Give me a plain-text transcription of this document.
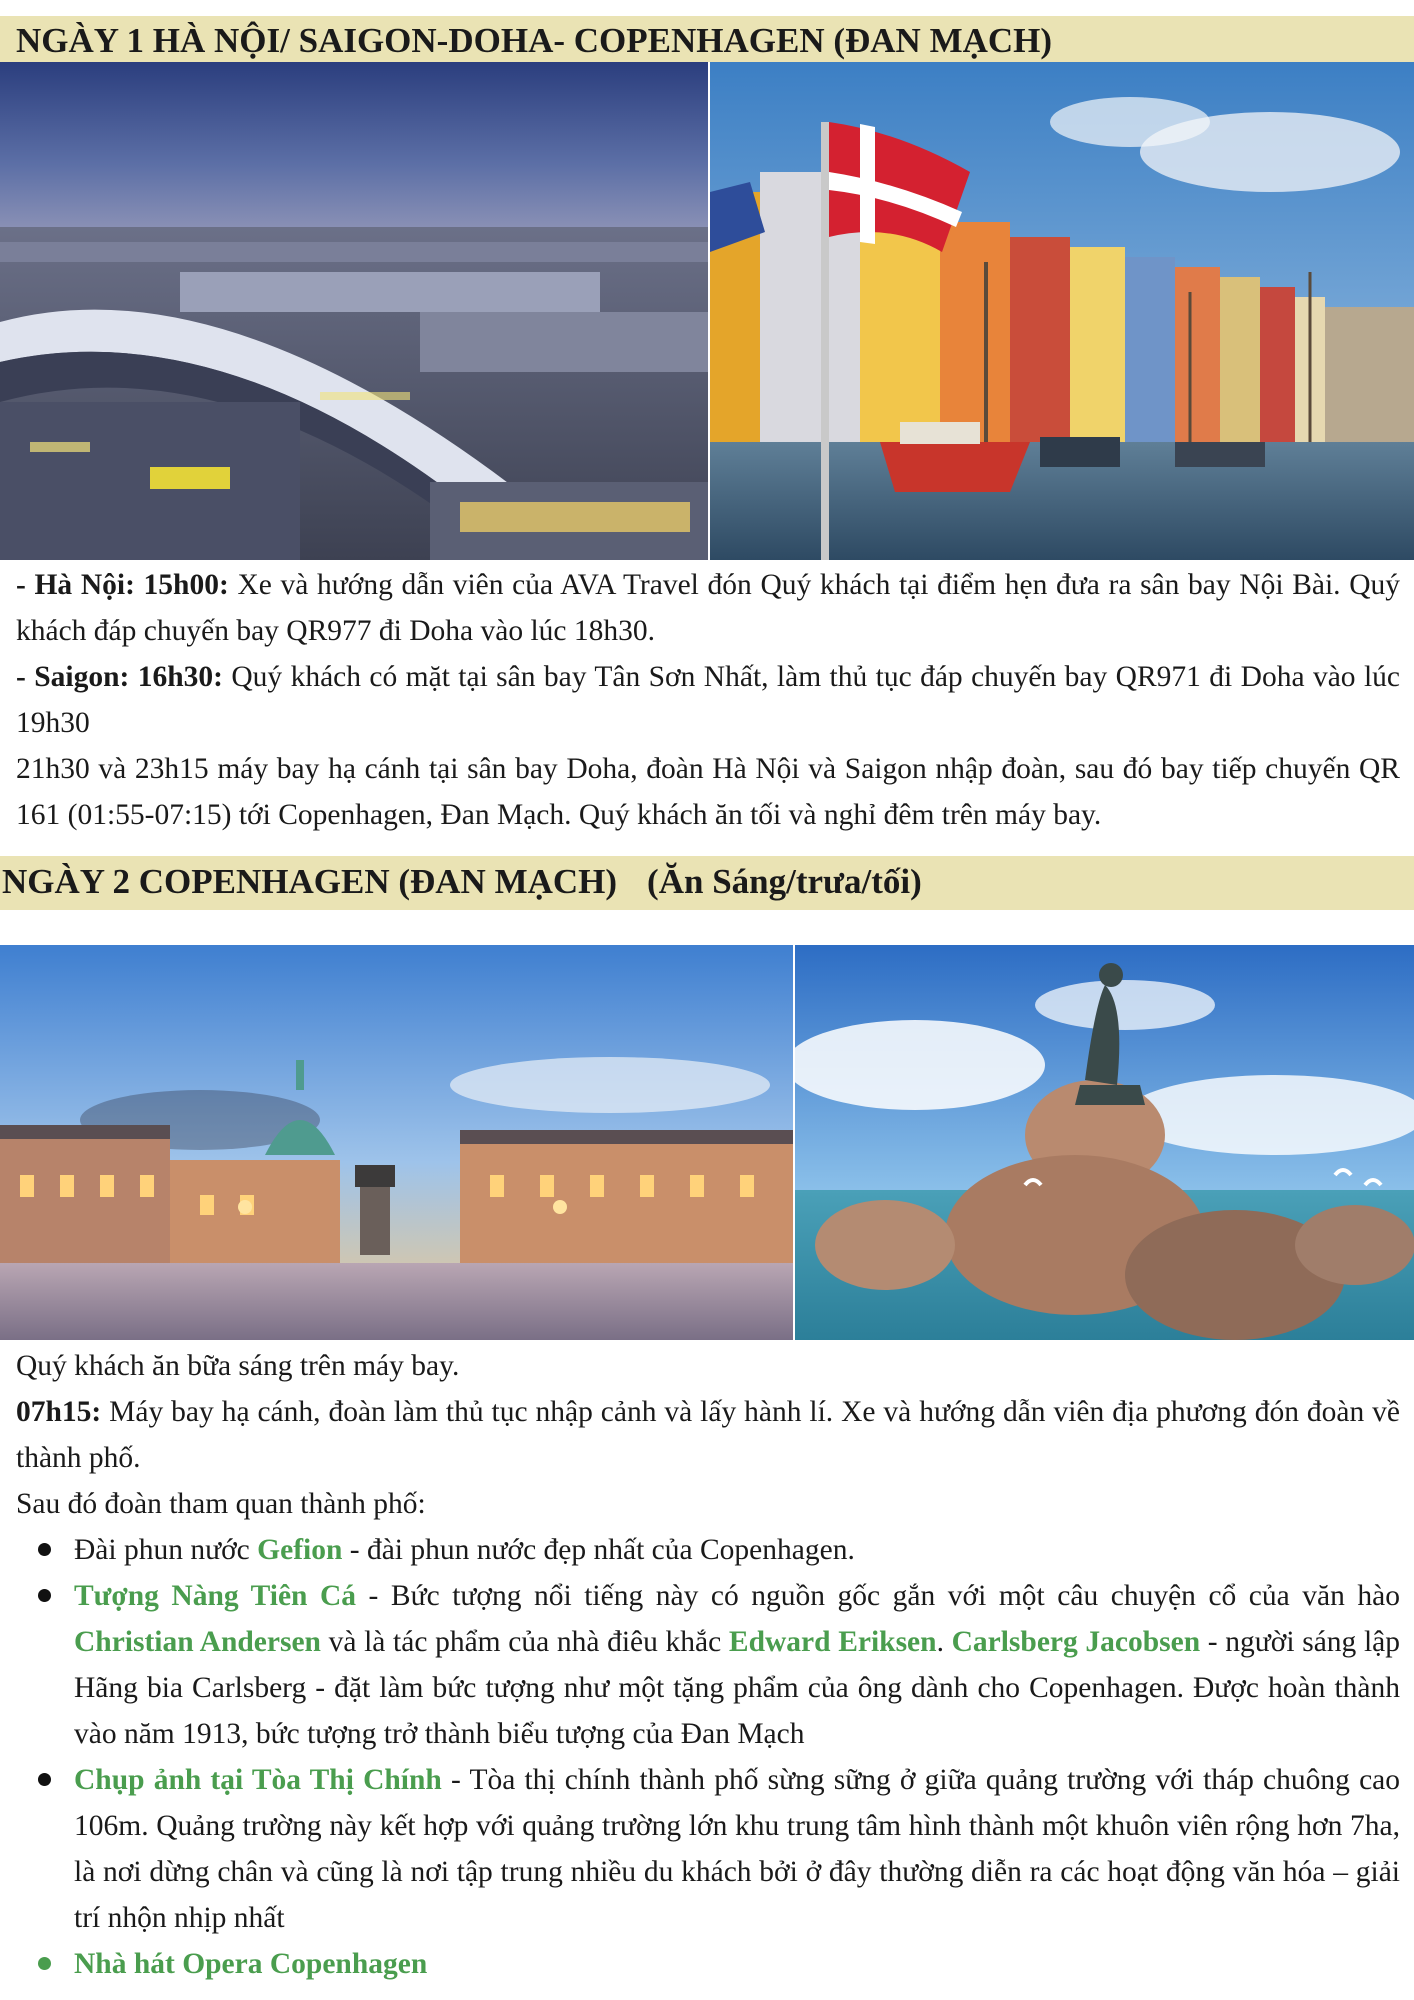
NGÀY 1 HÀ NỘI/ SAIGON-DOHA- COPENHAGEN (ĐAN MẠCH)

- Hà Nội: 15h00: Xe và hướng dẫn viên của AVA Travel đón Quý khách tại điểm hẹn đưa ra sân bay Nội Bài. Quý khách đáp chuyến bay QR977 đi Doha vào lúc 18h30.

- Saigon: 16h30: Quý khách có mặt tại sân bay Tân Sơn Nhất, làm thủ tục đáp chuyến bay QR971 đi Doha vào lúc 19h30

21h30 và 23h15 máy bay hạ cánh tại sân bay Doha, đoàn Hà Nội và Saigon nhập đoàn, sau đó bay tiếp chuyến QR 161 (01:55-07:15) tới Copenhagen, Đan Mạch. Quý khách ăn tối và nghỉ đêm trên máy bay.

NGÀY 2 COPENHAGEN (ĐAN MẠCH) (Ăn Sáng/trưa/tối)

Quý khách ăn bữa sáng trên máy bay.

07h15: Máy bay hạ cánh, đoàn làm thủ tục nhập cảnh và lấy hành lí. Xe và hướng dẫn viên địa phương đón đoàn về thành phố.

Sau đó đoàn tham quan thành phố:

Đài phun nước Gefion - đài phun nước đẹp nhất của Copenhagen.
Tượng Nàng Tiên Cá - Bức tượng nổi tiếng này có nguồn gốc gắn với một câu chuyện cổ của văn hào Christian Andersen và là tác phẩm của nhà điêu khắc Edward Eriksen. Carlsberg Jacobsen - người sáng lập Hãng bia Carlsberg - đặt làm bức tượng như một tặng phẩm của ông dành cho Copenhagen. Được hoàn thành vào năm 1913, bức tượng trở thành biểu tượng của Đan Mạch
Chụp ảnh tại Tòa Thị Chính - Tòa thị chính thành phố sừng sững ở giữa quảng trường với tháp chuông cao 106m. Quảng trường này kết hợp với quảng trường lớn khu trung tâm hình thành một khuôn viên rộng hơn 7ha, là nơi dừng chân và cũng là nơi tập trung nhiều du khách bởi ở đây thường diễn ra các hoạt động văn hóa – giải trí nhộn nhịp nhất
Nhà hát Opera Copenhagen
